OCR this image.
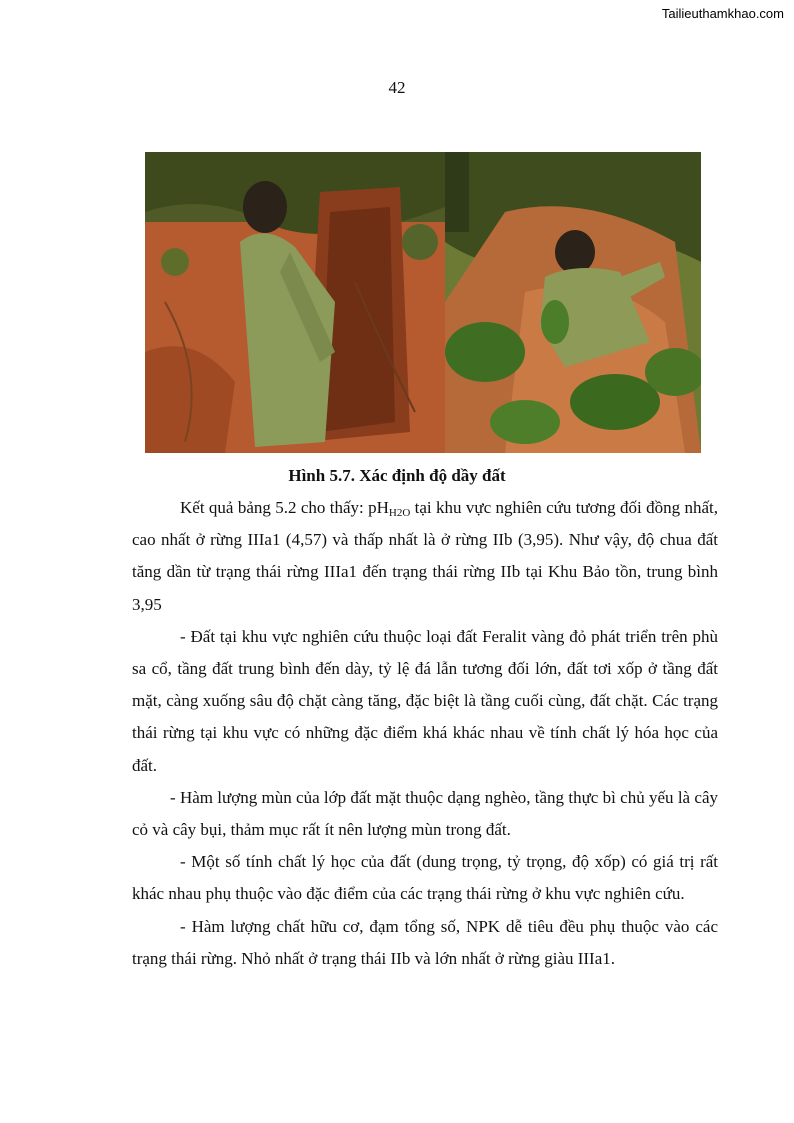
Tailieuthamkhao.com
42
Hình 5.7. Xác định độ dầy đất

Kết quả bảng 5.2 cho thấy: $pH_{H2O}$ tại khu vực nghiên cứu tương đối đồng nhất, cao nhất ở rừng IIIa1 (4,57) và thấp nhất là ở rừng IIb (3,95). Như vậy, độ chua đất tăng dần từ trạng thái rừng IIIa1 đến trạng thái rừng IIb tại Khu Bảo tồn, trung bình 3,95

- Đất tại khu vực nghiên cứu thuộc loại đất Feralit vàng đỏ phát triển trên phù sa cổ, tầng đất trung bình đến dày, tỷ lệ đá lẫn tương đối lớn, đất tơi xốp ở tầng đất mặt, càng xuống sâu độ chặt càng tăng, đặc biệt là tầng cuối cùng, đất chặt. Các trạng thái rừng tại khu vực có những đặc điểm khá khác nhau về tính chất lý hóa học của đất.

- Hàm lượng mùn của lớp đất mặt thuộc dạng nghèo, tầng thực bì chủ yếu là cây cỏ và cây bụi, thảm mục rất ít nên lượng mùn trong đất.

- Một số tính chất lý học của đất (dung trọng, tỷ trọng, độ xốp) có giá trị rất khác nhau phụ thuộc vào đặc điểm của các trạng thái rừng ở khu vực nghiên cứu.

- Hàm lượng chất hữu cơ, đạm tổng số, NPK dễ tiêu đều phụ thuộc vào các trạng thái rừng. Nhỏ nhất ở trạng thái IIb và lớn nhất ở rừng giàu IIIa1.
